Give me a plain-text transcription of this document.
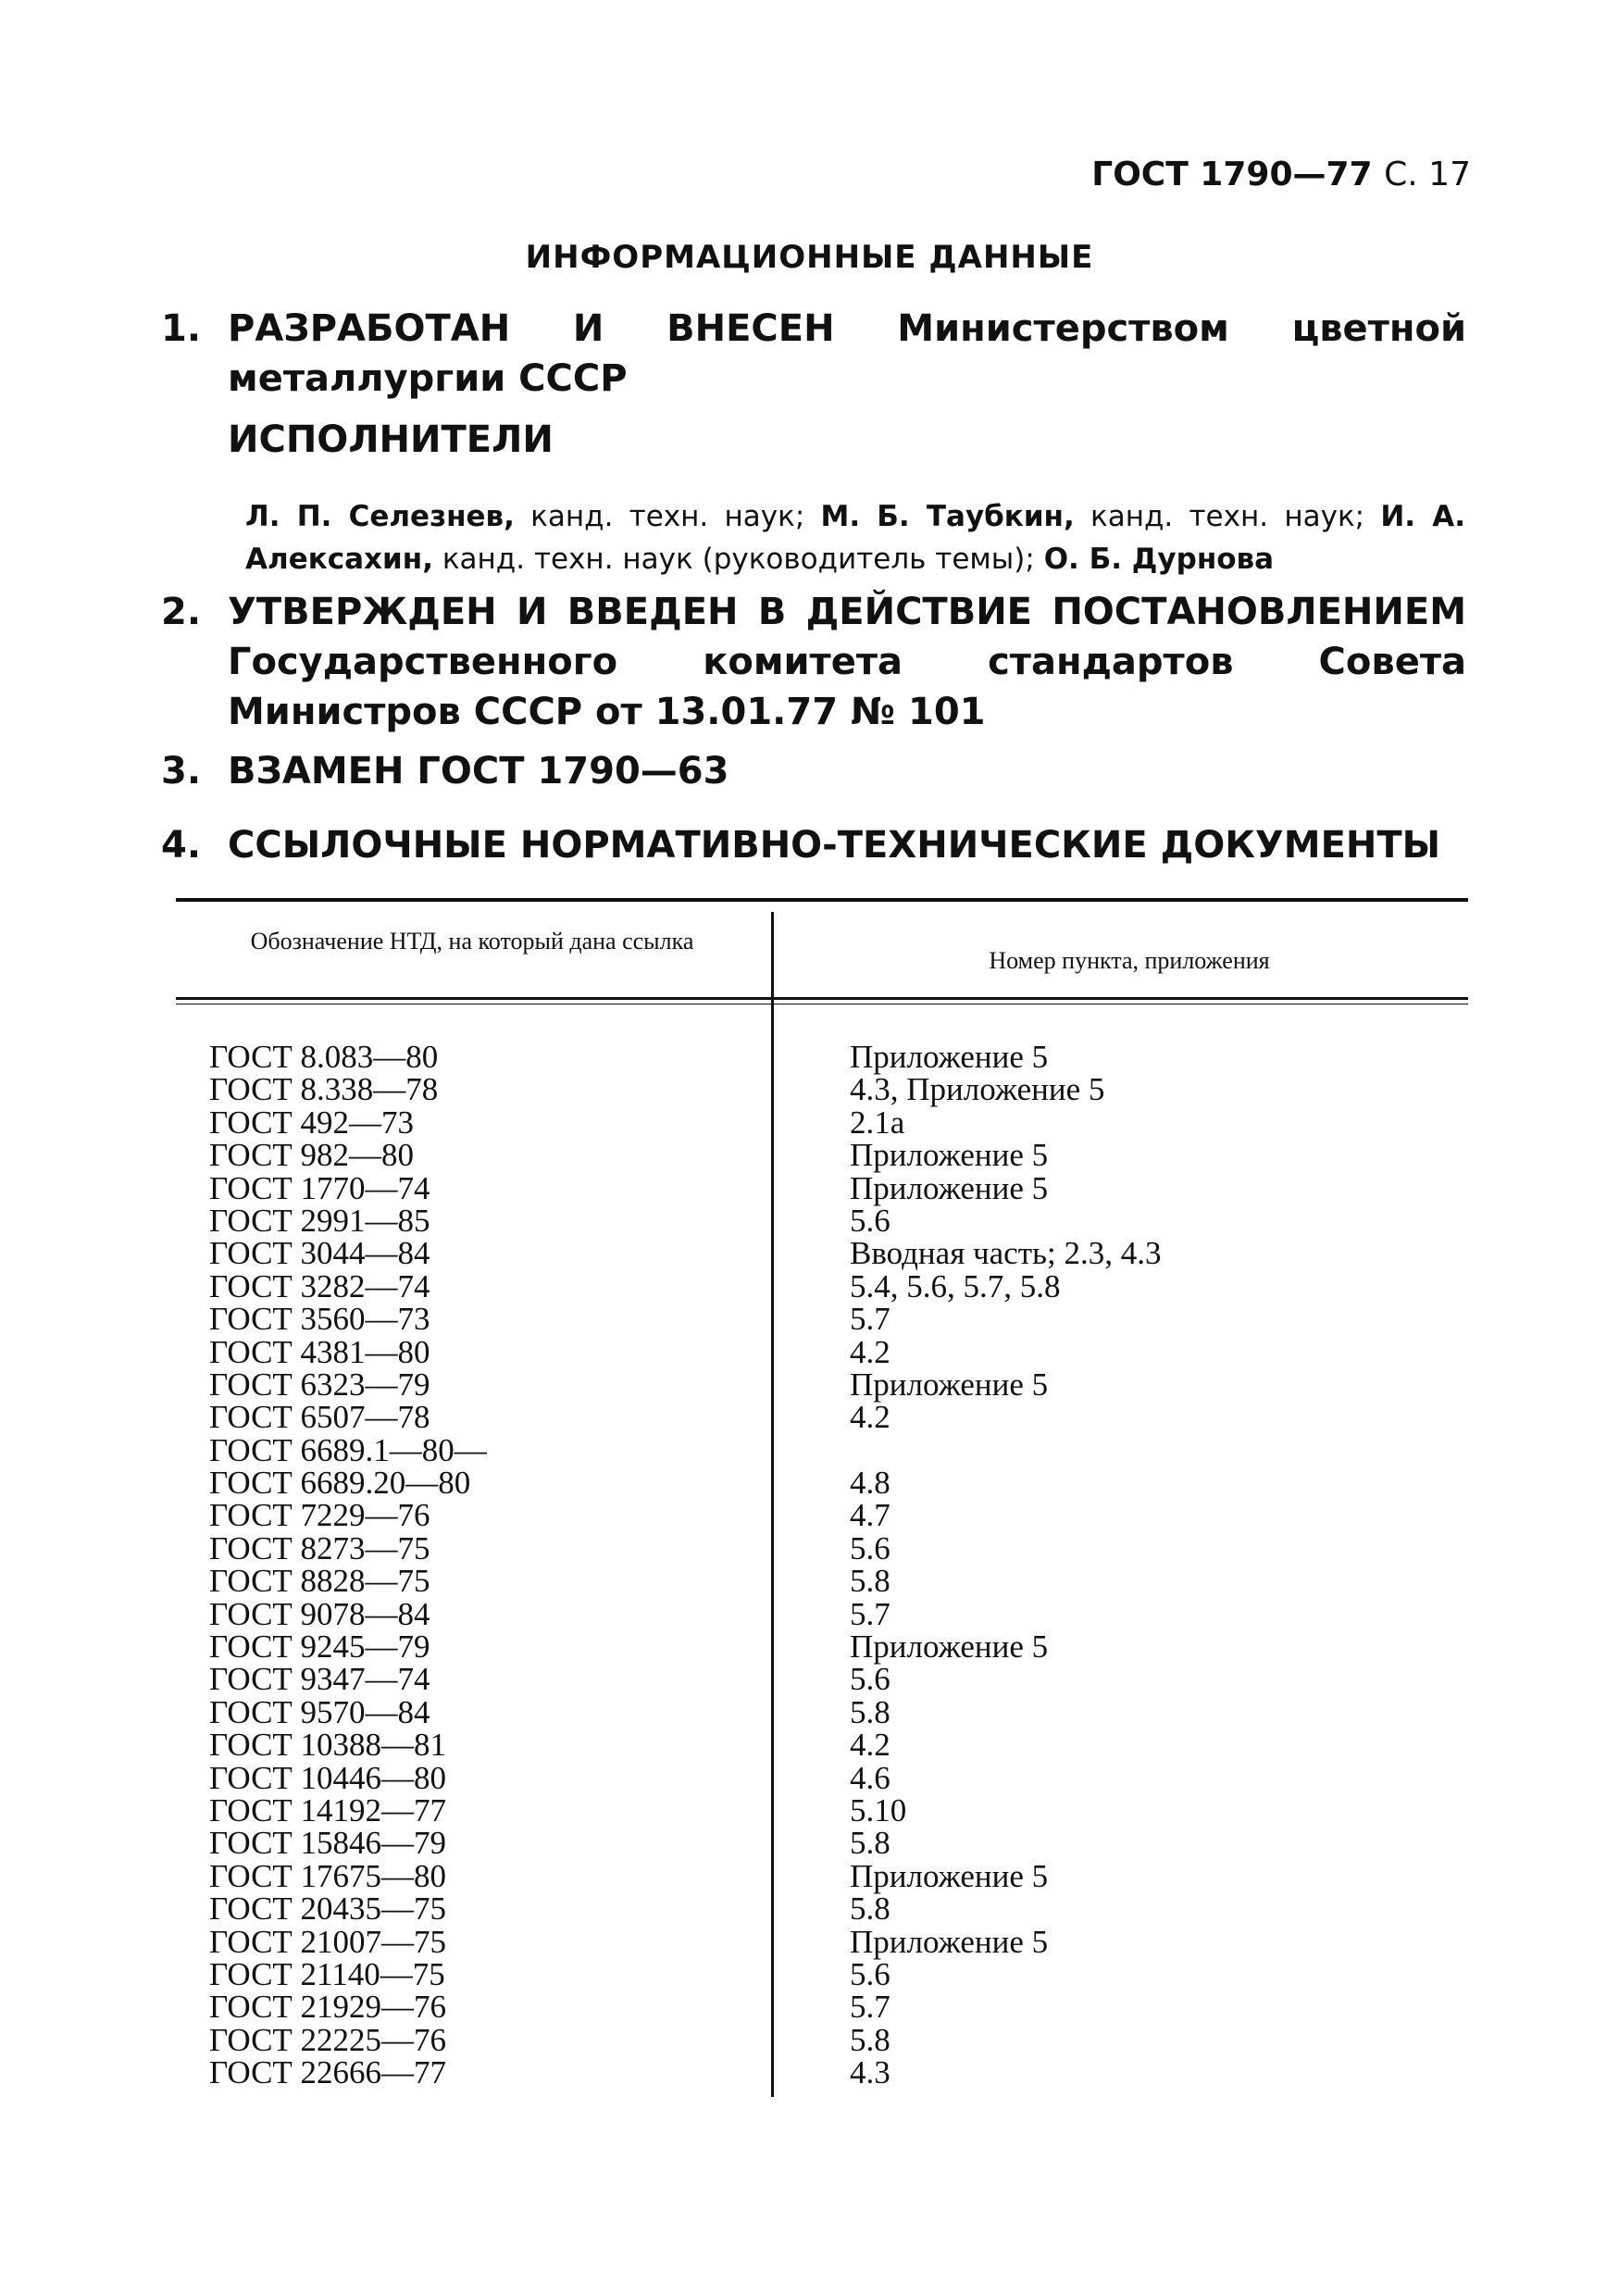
ГОСТ 1790—77 С. 17
ИНФОРМАЦИОННЫЕ ДАННЫЕ
1. РАЗРАБОТАН И ВНЕСЕН Министерством цветной металлургии СССР
ИСПОЛНИТЕЛИ
Л. П. Селезнев, канд. техн. наук; М. Б. Таубкин, канд. техн. наук; И. А. Алексахин, канд. техн. наук (руководитель темы); О. Б. Дурнова
2. УТВЕРЖДЕН И ВВЕДЕН В ДЕЙСТВИЕ ПОСТАНОВЛЕНИЕМ Государственного комитета стандартов Совета Министров СССР от 13.01.77 № 101
3. ВЗАМЕН ГОСТ 1790—63
4. ССЫЛОЧНЫЕ НОРМАТИВНО-ТЕХНИЧЕСКИЕ ДОКУМЕНТЫ
Обозначение НТД, на который дана ссылка
Номер пункта, приложения
ГОСТ 8.083—80
ГОСТ 8.338—78
ГОСТ 492—73
ГОСТ 982—80
ГОСТ 1770—74
ГОСТ 2991—85
ГОСТ 3044—84
ГОСТ 3282—74
ГОСТ 3560—73
ГОСТ 4381—80
ГОСТ 6323—79
ГОСТ 6507—78
ГОСТ 6689.1—80—
ГОСТ 6689.20—80
ГОСТ 7229—76
ГОСТ 8273—75
ГОСТ 8828—75
ГОСТ 9078—84
ГОСТ 9245—79
ГОСТ 9347—74
ГОСТ 9570—84
ГОСТ 10388—81
ГОСТ 10446—80
ГОСТ 14192—77
ГОСТ 15846—79
ГОСТ 17675—80
ГОСТ 20435—75
ГОСТ 21007—75
ГОСТ 21140—75
ГОСТ 21929—76
ГОСТ 22225—76
ГОСТ 22666—77
Приложение 5
4.3, Приложение 5
2.1а
Приложение 5
Приложение 5
5.6
Вводная часть; 2.3, 4.3
5.4, 5.6, 5.7, 5.8
5.7
4.2
Приложение 5
4.2
4.8
4.7
5.6
5.8
5.7
Приложение 5
5.6
5.8
4.2
4.6
5.10
5.8
Приложение 5
5.8
Приложение 5
5.6
5.7
5.8
4.3
